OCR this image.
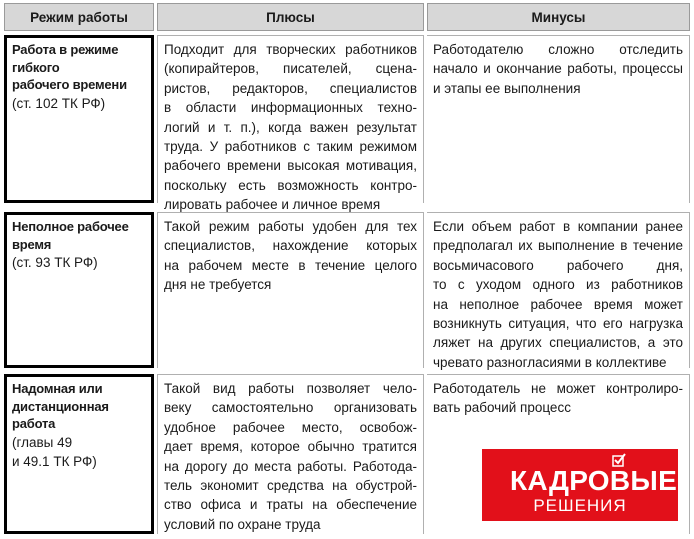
Режим работы	Плюсы	Минусы
Работа в режиме гибкого
рабочего времени
(ст. 102 ТК РФ)
Подходит для творческих работников
(копирайтеров, писателей, сцена-
ристов, редакторов, специалистов
в области информационных техно-
логий и т. п.), когда важен результат
труда. У работников с таким режимом
рабочего времени высокая мотивация,
поскольку есть возможность контро-
лировать рабочее и личное время
Работодателю сложно отследить
начало и окончание работы, процессы
и этапы ее выполнения
Неполное рабочее
время
(ст. 93 ТК РФ)
Такой режим работы удобен для тех
специалистов, нахождение которых
на рабочем месте в течение целого
дня не требуется
Если объем работ в компании ранее
предполагал их выполнение в течение
восьмичасового рабочего дня,
то с уходом одного из работников
на неполное рабочее время может
возникнуть ситуация, что его нагрузка
ляжет на других специалистов, а это
чревато разногласиями в коллективе
Надомная или
дистанционная работа
(главы 49
и 49.1 ТК РФ)
Такой вид работы позволяет чело-
веку самостоятельно организовать
удобное рабочее место, освобож-
дает время, которое обычно тратится
на дорогу до места работы. Работода-
тель экономит средства на обустрой-
ство офиса и траты на обеспечение
условий по охране труда
Работодатель не может контролиро-
вать рабочий процесс
КАДРОВЫЕ
РЕШЕНИЯ
